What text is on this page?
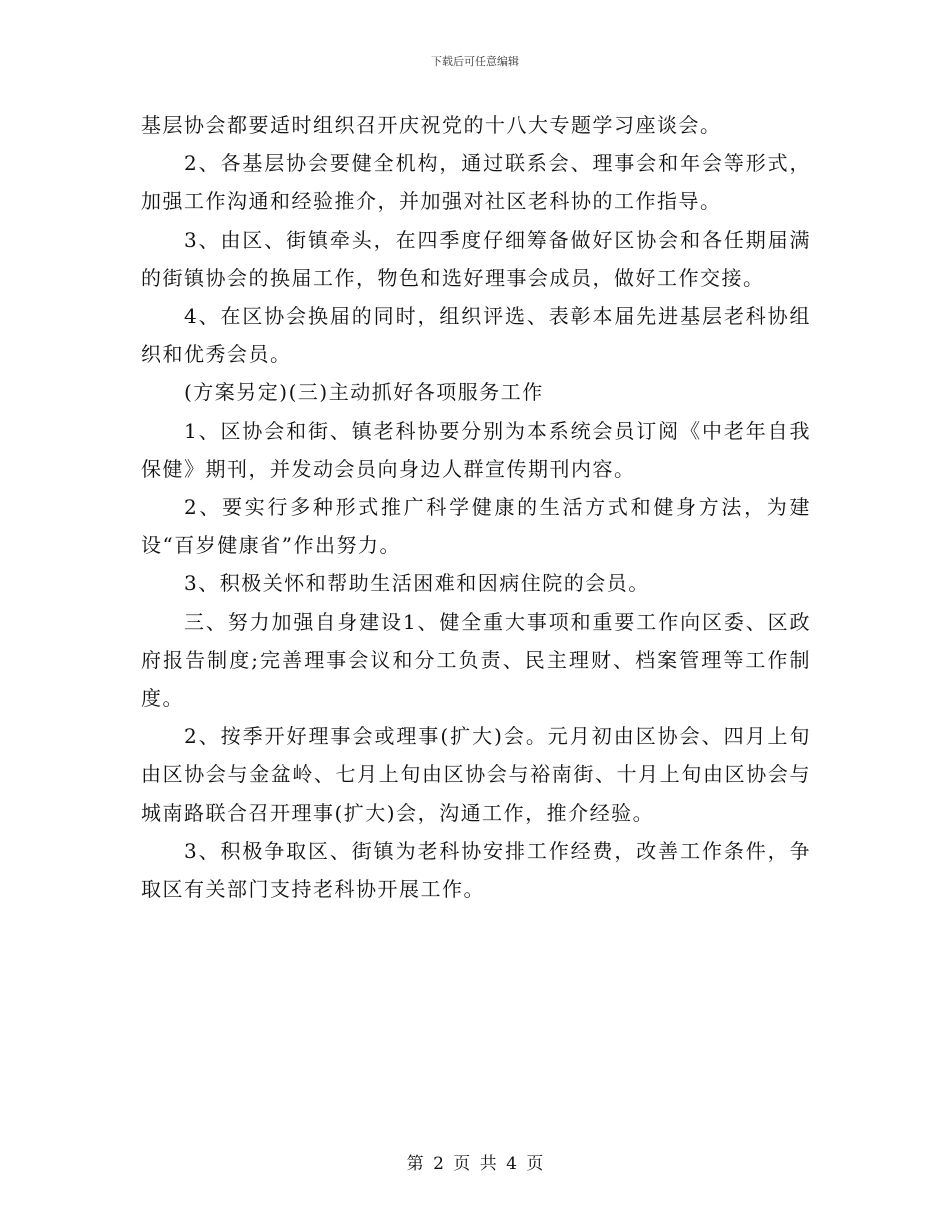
下载后可任意编辑

基层协会都要适时组织召开庆祝党的十八大专题学习座谈会。

2、各基层协会要健全机构，通过联系会、理事会和年会等形式，加强工作沟通和经验推介，并加强对社区老科协的工作指导。

3、由区、街镇牵头，在四季度仔细筹备做好区协会和各任期届满的街镇协会的换届工作，物色和选好理事会成员，做好工作交接。

4、在区协会换届的同时，组织评选、表彰本届先进基层老科协组织和优秀会员。

(方案另定)(三)主动抓好各项服务工作

1、区协会和街、镇老科协要分别为本系统会员订阅《中老年自我保健》期刊，并发动会员向身边人群宣传期刊内容。

2、要实行多种形式推广科学健康的生活方式和健身方法，为建设“百岁健康省”作出努力。

3、积极关怀和帮助生活困难和因病住院的会员。

三、努力加强自身建设1、健全重大事项和重要工作向区委、区政府报告制度;完善理事会议和分工负责、民主理财、档案管理等工作制度。

2、按季开好理事会或理事(扩大)会。元月初由区协会、四月上旬由区协会与金盆岭、七月上旬由区协会与裕南街、十月上旬由区协会与城南路联合召开理事(扩大)会，沟通工作，推介经验。

3、积极争取区、街镇为老科协安排工作经费，改善工作条件，争取区有关部门支持老科协开展工作。

第 2 页 共 4 页
